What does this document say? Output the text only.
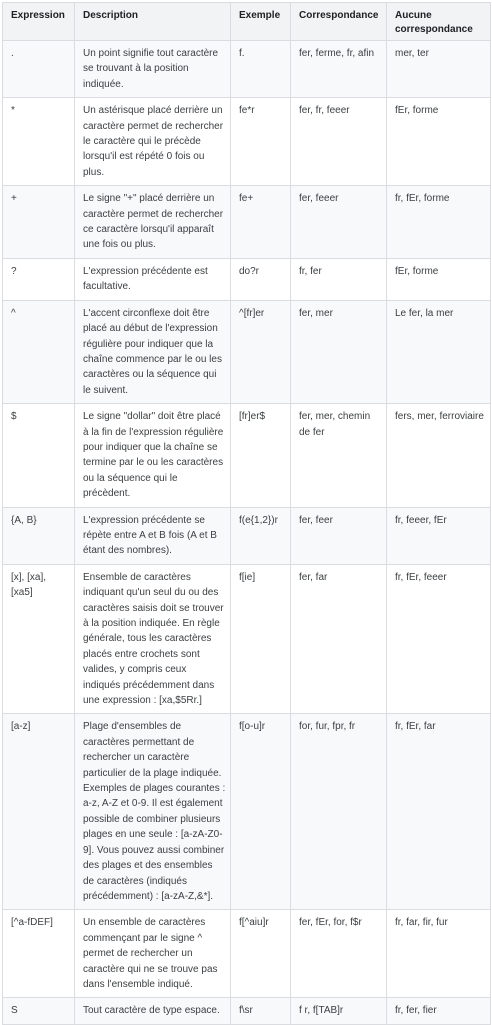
Expression	Description	Exemple	Correspondance	Aucune correspondance
.	Un point signifie tout caractère se trouvant à la position indiquée.	f.	fer, ferme, fr, afin	mer, ter
*	Un astérisque placé derrière un caractère permet de rechercher le caractère qui le précède lorsqu'il est répété 0 fois ou plus.	fe*r	fer, fr, feeer	fEr, forme
+	Le signe "+" placé derrière un caractère permet de rechercher ce caractère lorsqu'il apparaît une fois ou plus.	fe+	fer, feeer	fr, fEr, forme
?	L'expression précédente est facultative.	do?r	fr, fer	fEr, forme
^	L'accent circonflexe doit être placé au début de l'expression régulière pour indiquer que la chaîne commence par le ou les caractères ou la séquence qui le suivent.	^[fr]er	fer, mer	Le fer, la mer
$	Le signe "dollar" doit être placé à la fin de l'expression régulière pour indiquer que la chaîne se termine par le ou les caractères ou la séquence qui le précèdent.	[fr]er$	fer, mer, chemin de fer	fers, mer, ferroviaire
{A, B}	L'expression précédente se répète entre A et B fois (A et B étant des nombres).	f(e{1,2})r	fer, feer	fr, feeer, fEr
[x], [xa], [xa5]	Ensemble de caractères indiquant qu'un seul du ou des caractères saisis doit se trouver à la position indiquée. En règle générale, tous les caractères placés entre crochets sont valides, y compris ceux indiqués précédemment dans une expression : [xa,$5Rr.]	f[ie]	fer, far	fr, fEr, feeer
[a-z]	Plage d'ensembles de caractères permettant de rechercher un caractère particulier de la plage indiquée. Exemples de plages courantes : a-z, A-Z et 0-9. Il est également possible de combiner plusieurs plages en une seule : [a-zA-Z0-9]. Vous pouvez aussi combiner des plages et des ensembles de caractères (indiqués précédemment) : [a-zA-Z,&*].	f[o-u]r	for, fur, fpr, fr	fr, fEr, far
[^a-fDEF]	Un ensemble de caractères commençant par le signe ^ permet de rechercher un caractère qui ne se trouve pas dans l'ensemble indiqué.	f[^aiu]r	fer, fEr, for, f$r	fr, far, fir, fur
S	Tout caractère de type espace.	f\sr	f r, f[TAB]r	fr, fer, fier
